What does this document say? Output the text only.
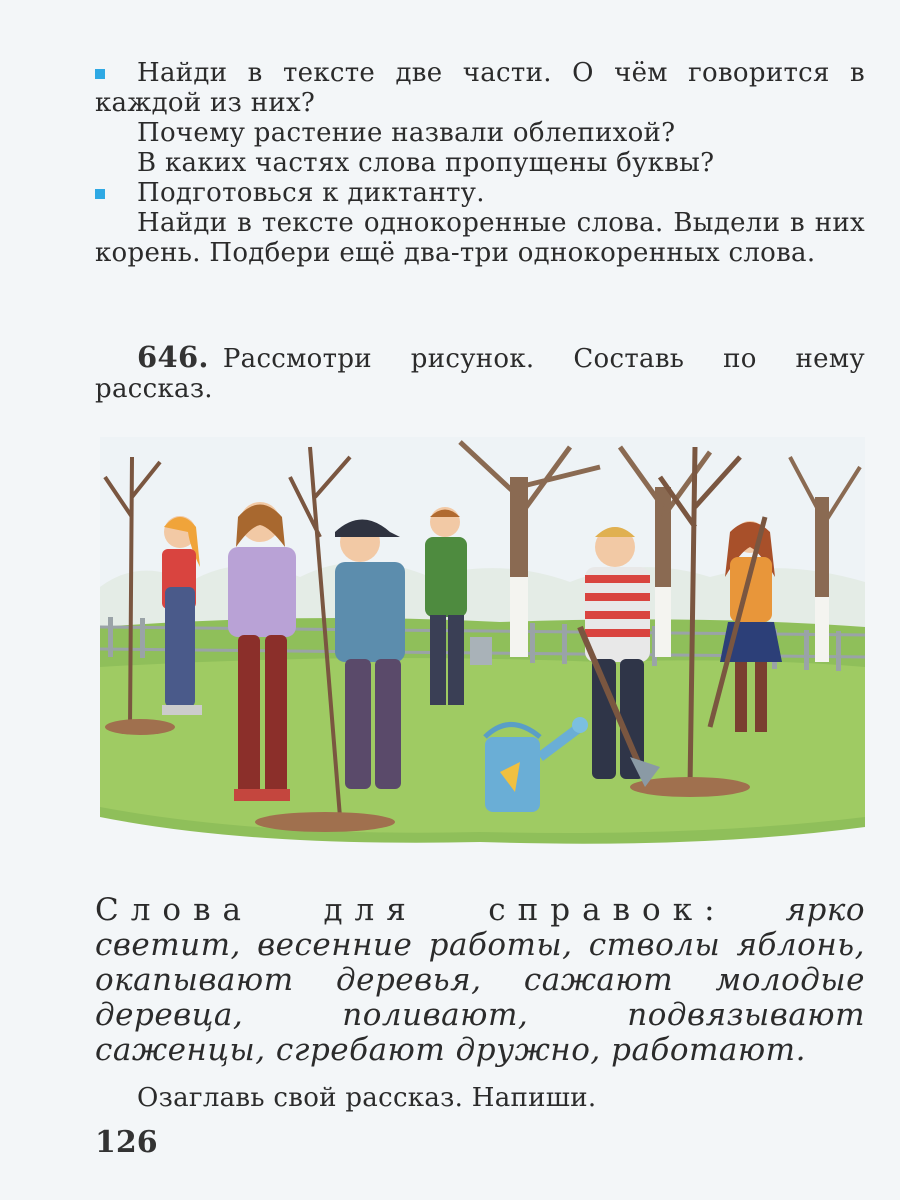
Найди в тексте две части. О чём говорится в каждой из них?

Почему растение назвали облепихой?

В каких частях слова пропущены буквы?

Подготовься к диктанту.

Найди в тексте однокоренные слова. Выдели в них корень. Подбери ещё два-три однокоренных слова.

646. Рассмотри рисунок. Составь по нему рассказ.

Слова для справок: ярко светит, весенние работы, стволы яблонь, окапывают деревья, сажают молодые деревца, поливают, подвязывают саженцы, сгребают дружно, работают.

Озаглавь свой рассказ. Напиши.

126
